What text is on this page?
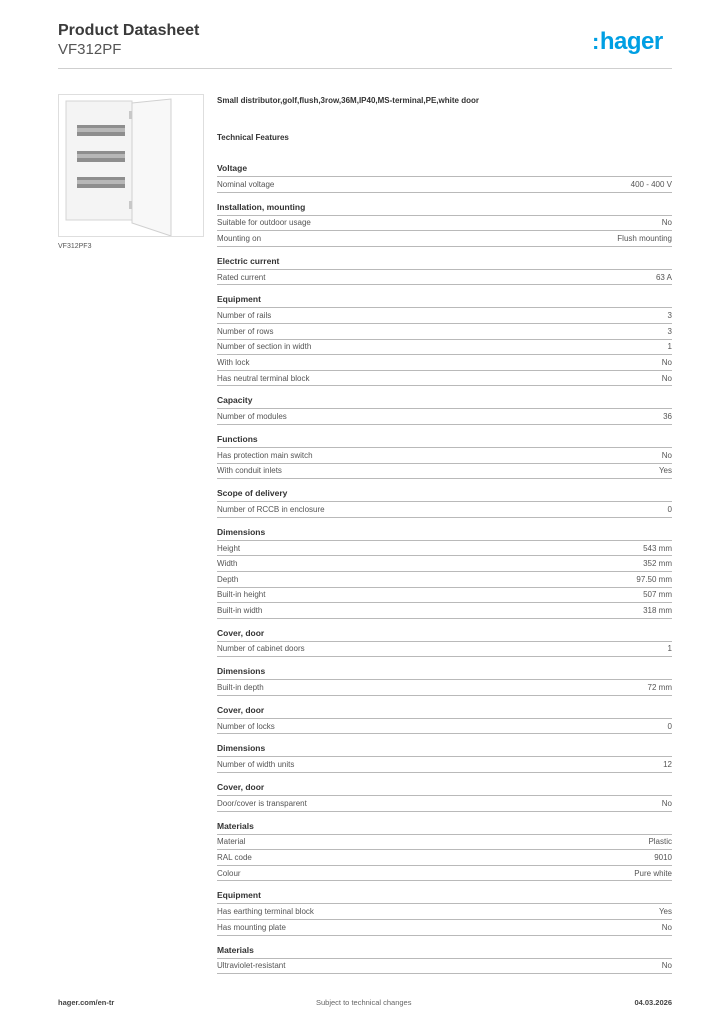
Product Datasheet
VF312PF	:hager
VF312PF3
Small distributor,golf,flush,3row,36M,IP40,MS-terminal,PE,white door
Technical Features
Voltage
Nominal voltage	400 - 400 V
Installation, mounting
Suitable for outdoor usage	No
Mounting on	Flush mounting
Electric current
Rated current	63 A
Equipment
Number of rails	3
Number of rows	3
Number of section in width	1
With lock	No
Has neutral terminal block	No
Capacity
Number of modules	36
Functions
Has protection main switch	No
With conduit inlets	Yes
Scope of delivery
Number of RCCB in enclosure	0
Dimensions
Height	543 mm
Width	352 mm
Depth	97.50 mm
Built-in height	507 mm
Built-in width	318 mm
Cover, door
Number of cabinet doors	1
Dimensions
Built-in depth	72 mm
Cover, door
Number of locks	0
Dimensions
Number of width units	12
Cover, door
Door/cover is transparent	No
Materials
Material	Plastic
RAL code	9010
Colour	Pure white
Equipment
Has earthing terminal block	Yes
Has mounting plate	No
Materials
Ultraviolet-resistant	No
hager.com/en-tr	Subject to technical changes	04.03.2026
